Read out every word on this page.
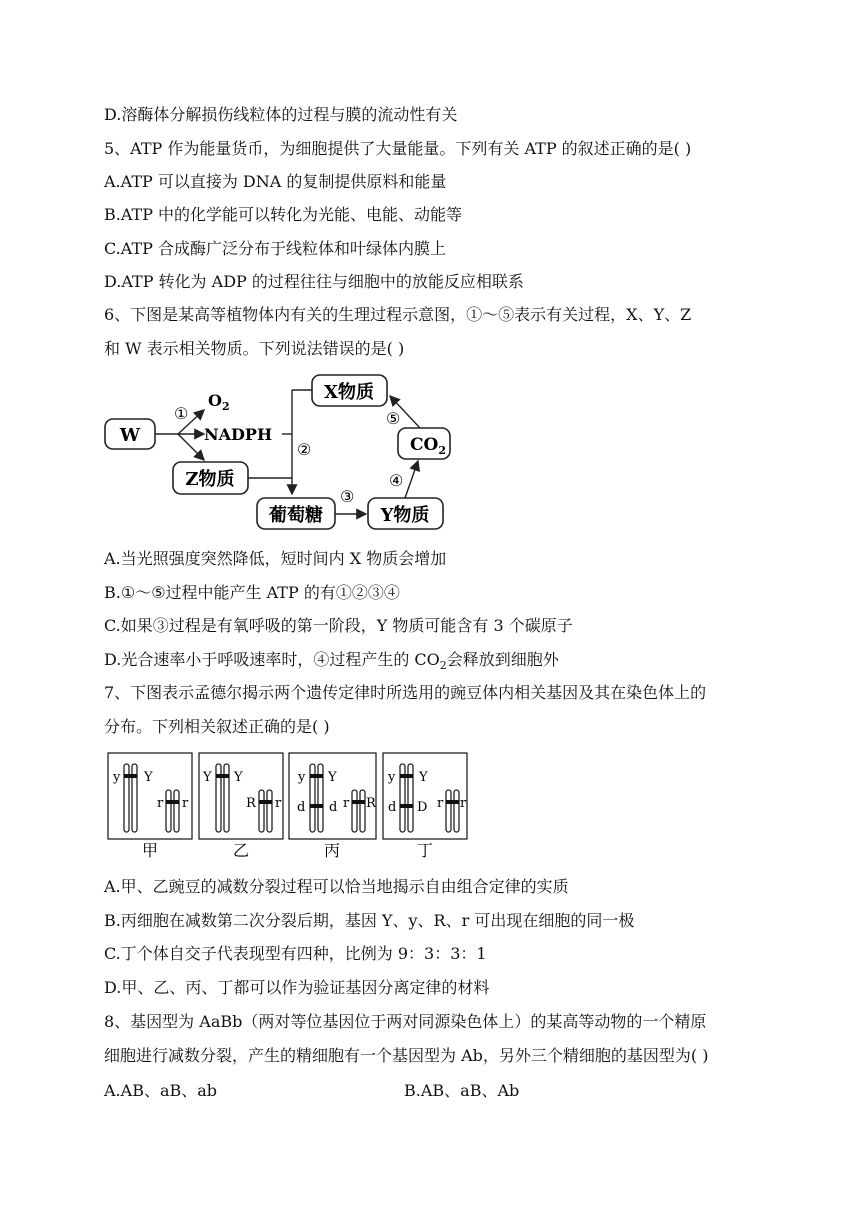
D.溶酶体分解损伤线粒体的过程与膜的流动性有关
5、ATP 作为能量货币，为细胞提供了大量能量。下列有关 ATP 的叙述正确的是( )
A.ATP 可以直接为 DNA 的复制提供原料和能量
B.ATP 中的化学能可以转化为光能、电能、动能等
C.ATP 合成酶广泛分布于线粒体和叶绿体内膜上
D.ATP 转化为 ADP 的过程往往与细胞中的放能反应相联系
6、下图是某高等植物体内有关的生理过程示意图，①～⑤表示有关过程，X、Y、Z
和 W 表示相关物质。下列说法错误的是( )
W
①
$O_2$
NADPH
Z物质
X物质
②
⑤
$CO_2$
④
葡萄糖
③
Y物质
A.当光照强度突然降低，短时间内 X 物质会增加
B.①～⑤过程中能产生 ATP 的有①②③④
C.如果③过程是有氧呼吸的第一阶段，Y 物质可能含有 3 个碳原子
D.光合速率小于呼吸速率时，④过程产生的 $CO_2$会释放到细胞外
7、下图表示孟德尔揭示两个遗传定律时所选用的豌豆体内相关基因及其在染色体上的
分布。下列相关叙述正确的是( )
y Y
r r
Y Y
R r
y Y
d d r R
y Y
d D r r
甲	乙	丙	丁
A.甲、乙豌豆的减数分裂过程可以恰当地揭示自由组合定律的实质
B.丙细胞在减数第二次分裂后期，基因 Y、y、R、r 可出现在细胞的同一极
C.丁个体自交子代表现型有四种，比例为 9：3：3：1
D.甲、乙、丙、丁都可以作为验证基因分离定律的材料
8、基因型为 AaBb（两对等位基因位于两对同源染色体上）的某高等动物的一个精原
细胞进行减数分裂，产生的精细胞有一个基因型为 Ab，另外三个精细胞的基因型为( )
A.AB、aB、ab	B.AB、aB、Ab
